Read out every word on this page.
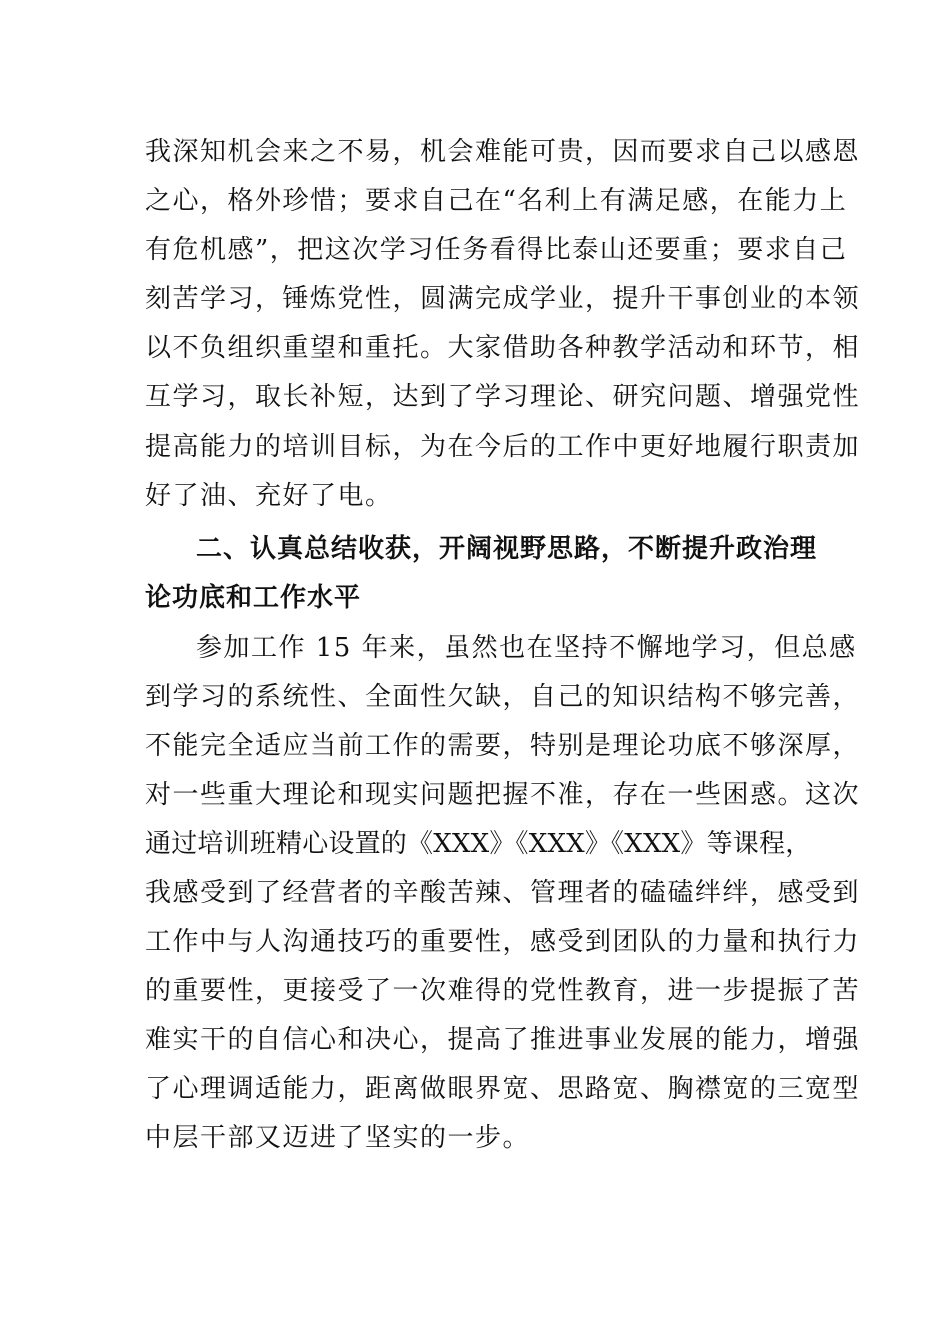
我深知机会来之不易，机会难能可贵，因而要求自己以感恩
之心，格外珍惜；要求自己在“名利上有满足感，在能力上
有危机感”，把这次学习任务看得比泰山还要重；要求自己
刻苦学习，锤炼党性，圆满完成学业，提升干事创业的本领
以不负组织重望和重托。大家借助各种教学活动和环节，相
互学习，取长补短，达到了学习理论、研究问题、增强党性
提高能力的培训目标，为在今后的工作中更好地履行职责加
好了油、充好了电。
二、认真总结收获，开阔视野思路，不断提升政治理
论功底和工作水平
参加工作 15 年来，虽然也在坚持不懈地学习，但总感
到学习的系统性、全面性欠缺，自己的知识结构不够完善，
不能完全适应当前工作的需要，特别是理论功底不够深厚，
对一些重大理论和现实问题把握不准，存在一些困惑。这次
通过培训班精心设置的《XXX》《XXX》《XXX》等课程，
我感受到了经营者的辛酸苦辣、管理者的磕磕绊绊，感受到
工作中与人沟通技巧的重要性，感受到团队的力量和执行力
的重要性，更接受了一次难得的党性教育，进一步提振了苦
难实干的自信心和决心，提高了推进事业发展的能力，增强
了心理调适能力，距离做眼界宽、思路宽、胸襟宽的三宽型
中层干部又迈进了坚实的一步。
